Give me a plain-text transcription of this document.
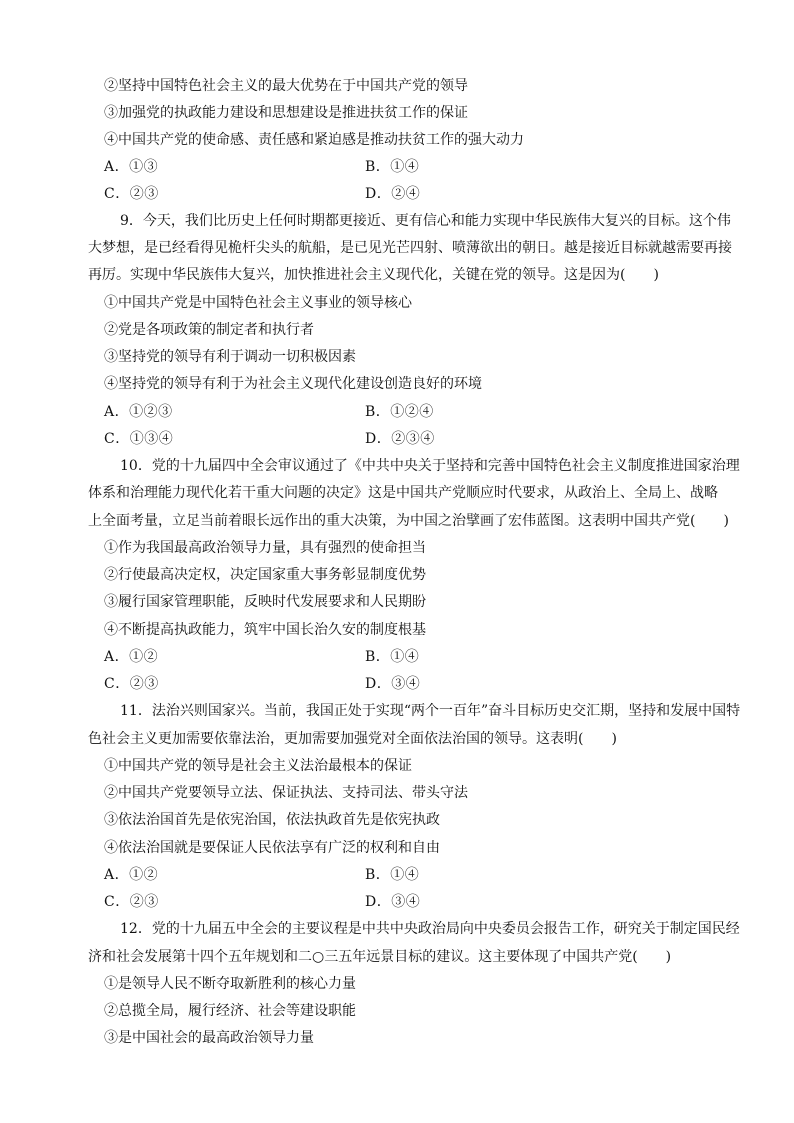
②坚持中国特色社会主义的最大优势在于中国共产党的领导
③加强党的执政能力建设和思想建设是推进扶贫工作的保证
④中国共产党的使命感、责任感和紧迫感是推动扶贫工作的强大动力
A．①③	B．①④
C．②③	D．②④
9．今天，我们比历史上任何时期都更接近、更有信心和能力实现中华民族伟大复兴的目标。这个伟
大梦想，是已经看得见桅杆尖头的航船，是已见光芒四射、喷薄欲出的朝日。越是接近目标就越需要再接
再厉。实现中华民族伟大复兴，加快推进社会主义现代化，关键在党的领导。这是因为(　　)
①中国共产党是中国特色社会主义事业的领导核心
②党是各项政策的制定者和执行者
③坚持党的领导有利于调动一切积极因素
④坚持党的领导有利于为社会主义现代化建设创造良好的环境
A．①②③	B．①②④
C．①③④	D．②③④
10．党的十九届四中全会审议通过了《中共中央关于坚持和完善中国特色社会主义制度推进国家治理
体系和治理能力现代化若干重大问题的决定》这是中国共产党顺应时代要求，从政治上、全局上、战略
上全面考量，立足当前着眼长远作出的重大决策，为中国之治擘画了宏伟蓝图。这表明中国共产党(　　)
①作为我国最高政治领导力量，具有强烈的使命担当
②行使最高决定权，决定国家重大事务彰显制度优势
③履行国家管理职能，反映时代发展要求和人民期盼
④不断提高执政能力，筑牢中国长治久安的制度根基
A．①②	B．①④
C．②③	D．③④
11．法治兴则国家兴。当前，我国正处于实现“两个一百年”奋斗目标历史交汇期，坚持和发展中国特
色社会主义更加需要依靠法治，更加需要加强党对全面依法治国的领导。这表明(　　)
①中国共产党的领导是社会主义法治最根本的保证
②中国共产党要领导立法、保证执法、支持司法、带头守法
③依法治国首先是依宪治国，依法执政首先是依宪执政
④依法治国就是要保证人民依法享有广泛的权利和自由
A．①②	B．①④
C．②③	D．③④
12．党的十九届五中全会的主要议程是中共中央政治局向中央委员会报告工作，研究关于制定国民经
济和社会发展第十四个五年规划和二○三五年远景目标的建议。这主要体现了中国共产党(　　)
①是领导人民不断夺取新胜利的核心力量
②总揽全局，履行经济、社会等建设职能
③是中国社会的最高政治领导力量
